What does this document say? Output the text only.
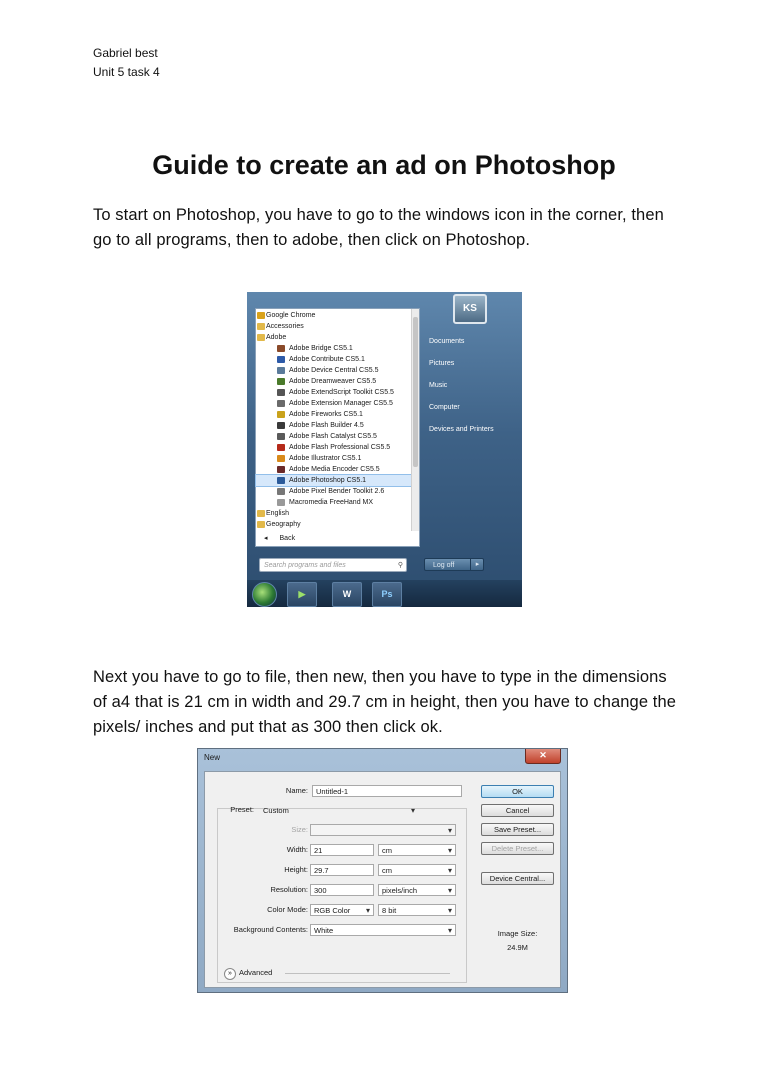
Gabriel best
Unit 5 task 4
Guide to create an ad on Photoshop

To start on Photoshop, you have to go to the windows icon in the corner, then go to all programs, then to adobe, then click on Photoshop.

Google Chrome
Accessories
Adobe
Adobe Bridge CS5.1
Adobe Contribute CS5.1
Adobe Device Central CS5.5
Adobe Dreamweaver CS5.5
Adobe ExtendScript Toolkit CS5.5
Adobe Extension Manager CS5.5
Adobe Fireworks CS5.1
Adobe Flash Builder 4.5
Adobe Flash Catalyst CS5.5
Adobe Flash Professional CS5.5
Adobe Illustrator CS5.1
Adobe Media Encoder CS5.5
Adobe Photoshop CS5.1
Adobe Pixel Bender Toolkit 2.6
Macromedia FreeHand MX
English
Geography
◂ Back
Search programs and files	⚲
KS
Documents
Pictures
Music
Computer
Devices and Printers
Log off	▸
▶	W	Ps

Next you have to go to file, then new, then you have to type in the dimensions of a4 that is 21 cm in width and 29.7 cm in height, then you have to change the pixels/ inches and put that as 300 then click ok.

New	✕
Name:	Untitled-1
Preset:	Custom ▾
Size:
▾
Width: 21	cm ▾
Height: 29.7	cm ▾
Resolution: 300	pixels/inch ▾
Color Mode: RGB Color ▾	8 bit ▾
Background Contents: White ▾
» Advanced
OK
Cancel
Save Preset...
Delete Preset...
Device Central...
Image Size:
24.9M
